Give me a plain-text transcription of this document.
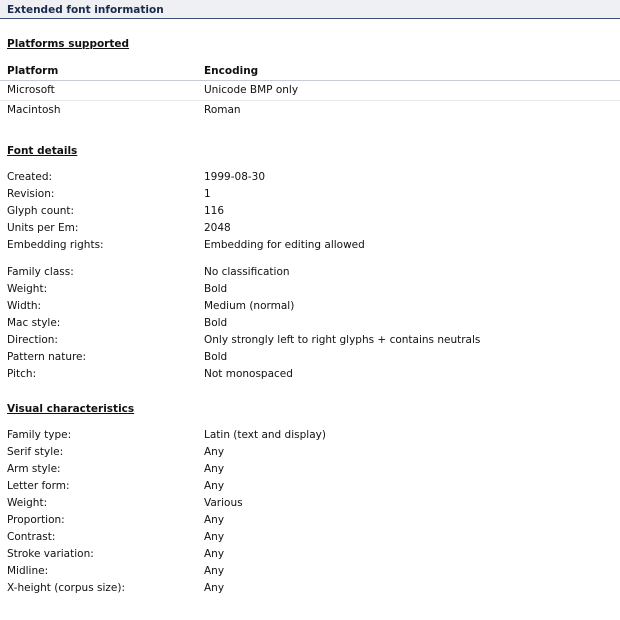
Extended font information
Platforms supported
Platform	Encoding
Microsoft	Unicode BMP only
Macintosh	Roman
Font details
Created:	1999-08-30
Revision:	1
Glyph count:	116
Units per Em:	2048
Embedding rights:	Embedding for editing allowed
Family class:	No classification
Weight:	Bold
Width:	Medium (normal)
Mac style:	Bold
Direction:	Only strongly left to right glyphs + contains neutrals
Pattern nature:	Bold
Pitch:	Not monospaced
Visual characteristics
Family type:	Latin (text and display)
Serif style:	Any
Arm style:	Any
Letter form:	Any
Weight:	Various
Proportion:	Any
Contrast:	Any
Stroke variation:	Any
Midline:	Any
X-height (corpus size):	Any
